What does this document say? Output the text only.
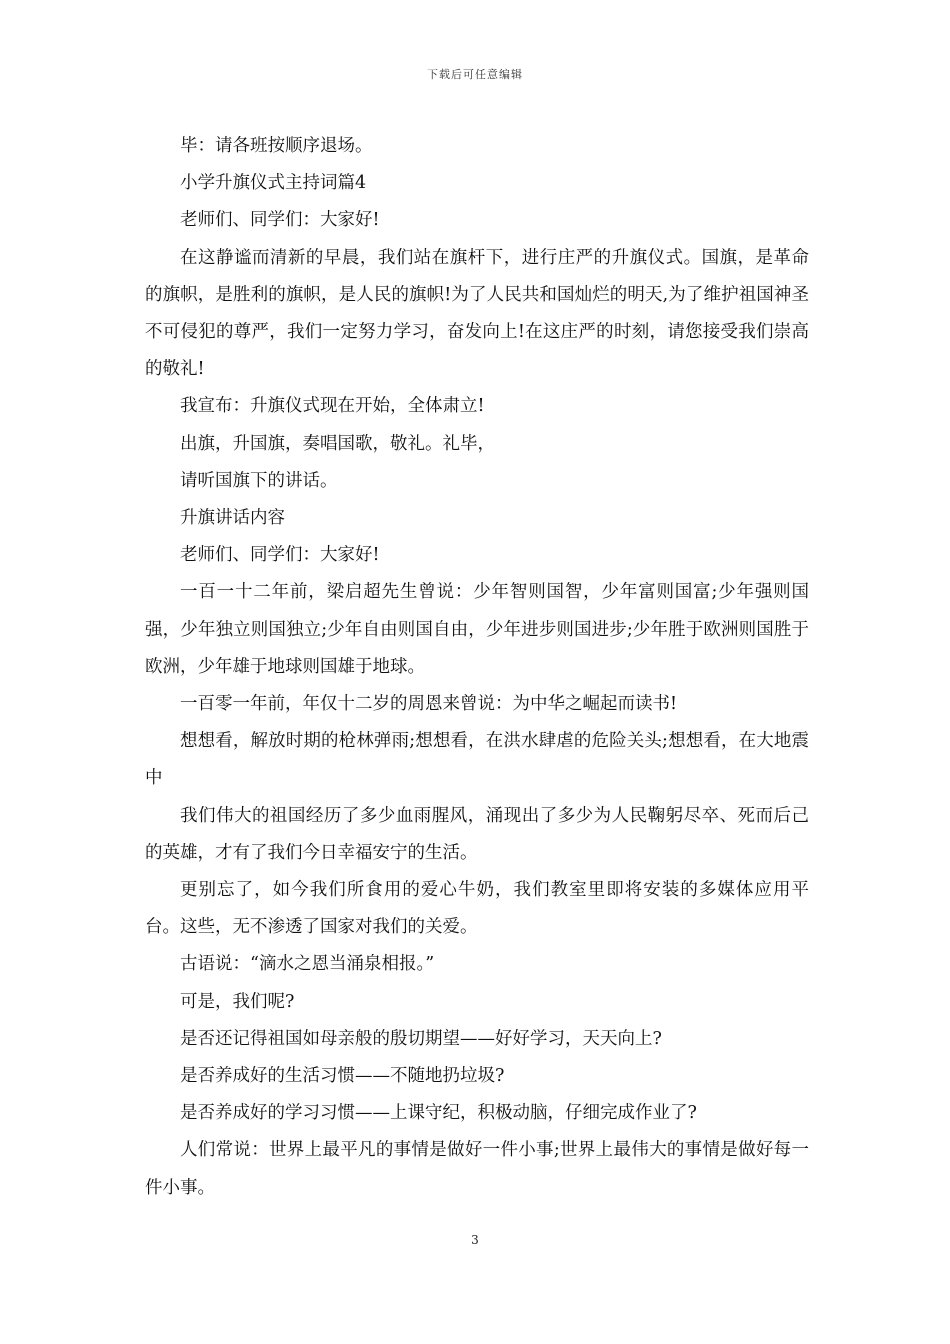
下载后可任意编辑

毕：请各班按顺序退场。

小学升旗仪式主持词篇4

老师们、同学们：大家好!

在这静谧而清新的早晨，我们站在旗杆下，进行庄严的升旗仪式。国旗，是革命的旗帜，是胜利的旗帜，是人民的旗帜!为了人民共和国灿烂的明天,为了维护祖国神圣不可侵犯的尊严，我们一定努力学习，奋发向上!在这庄严的时刻，请您接受我们崇高的敬礼!

我宣布：升旗仪式现在开始，全体肃立!

出旗，升国旗，奏唱国歌，敬礼。礼毕，

请听国旗下的讲话。

升旗讲话内容

老师们、同学们：大家好!

一百一十二年前，梁启超先生曾说：少年智则国智，少年富则国富;少年强则国强，少年独立则国独立;少年自由则国自由，少年进步则国进步;少年胜于欧洲则国胜于欧洲，少年雄于地球则国雄于地球。

一百零一年前，年仅十二岁的周恩来曾说：为中华之崛起而读书!

想想看，解放时期的枪林弹雨;想想看，在洪水肆虐的危险关头;想想看，在大地震中

我们伟大的祖国经历了多少血雨腥风，涌现出了多少为人民鞠躬尽卒、死而后己的英雄，才有了我们今日幸福安宁的生活。

更别忘了，如今我们所食用的爱心牛奶，我们教室里即将安装的多媒体应用平台。这些，无不渗透了国家对我们的关爱。

古语说：“滴水之恩当涌泉相报。”

可是，我们呢?

是否还记得祖国如母亲般的殷切期望——好好学习，天天向上?

是否养成好的生活习惯——不随地扔垃圾?

是否养成好的学习习惯——上课守纪，积极动脑，仔细完成作业了?

人们常说：世界上最平凡的事情是做好一件小事;世界上最伟大的事情是做好每一件小事。

3
